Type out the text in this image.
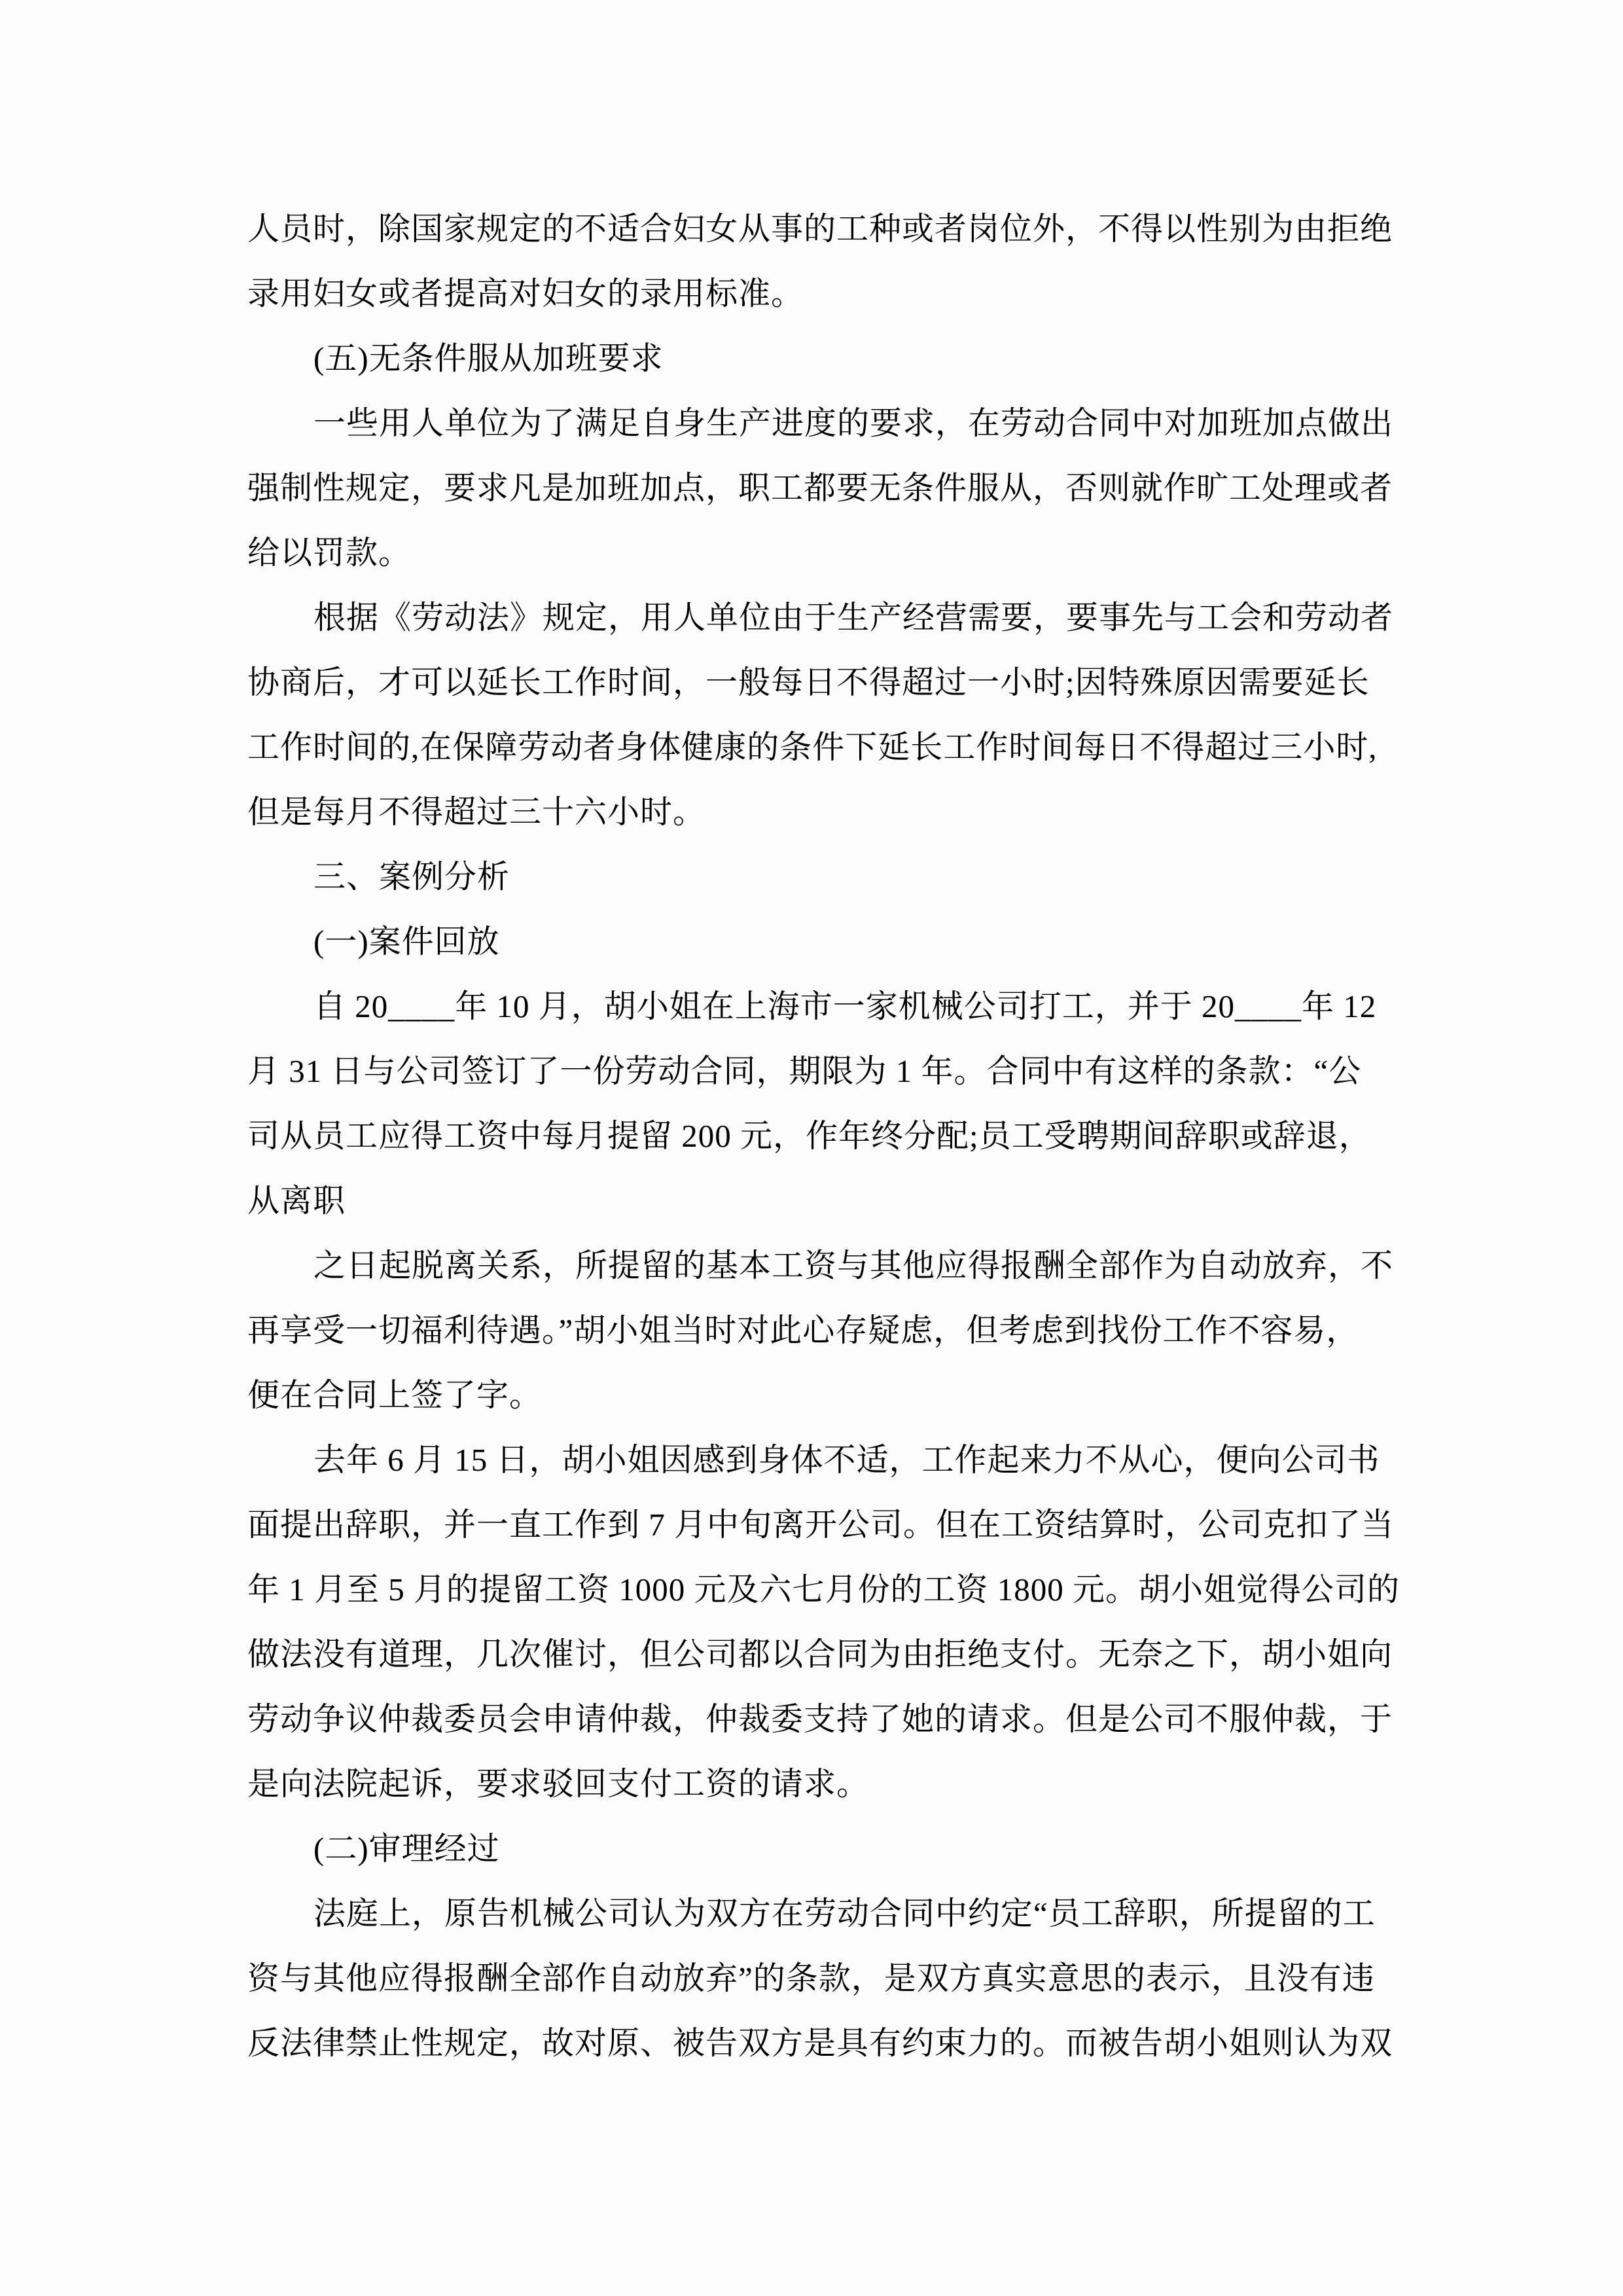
人员时，除国家规定的不适合妇女从事的工种或者岗位外，不得以性别为由拒绝
录用妇女或者提高对妇女的录用标准。
(五)无条件服从加班要求
一些用人单位为了满足自身生产进度的要求，在劳动合同中对加班加点做出
强制性规定，要求凡是加班加点，职工都要无条件服从，否则就作旷工处理或者
给以罚款。
根据《劳动法》规定，用人单位由于生产经营需要，要事先与工会和劳动者
协商后，才可以延长工作时间，一般每日不得超过一小时;因特殊原因需要延长
工作时间的,在保障劳动者身体健康的条件下延长工作时间每日不得超过三小时,
但是每月不得超过三十六小时。
三、案例分析
(一)案件回放
自 20____年 10 月，胡小姐在上海市一家机械公司打工，并于 20____年 12
月 31 日与公司签订了一份劳动合同，期限为 1 年。合同中有这样的条款：“公
司从员工应得工资中每月提留 200 元，作年终分配;员工受聘期间辞职或辞退，
从离职
之日起脱离关系，所提留的基本工资与其他应得报酬全部作为自动放弃，不
再享受一切福利待遇。”胡小姐当时对此心存疑虑，但考虑到找份工作不容易，
便在合同上签了字。
去年 6 月 15 日，胡小姐因感到身体不适，工作起来力不从心，便向公司书
面提出辞职，并一直工作到 7 月中旬离开公司。但在工资结算时，公司克扣了当
年 1 月至 5 月的提留工资 1000 元及六七月份的工资 1800 元。胡小姐觉得公司的
做法没有道理，几次催讨，但公司都以合同为由拒绝支付。无奈之下，胡小姐向
劳动争议仲裁委员会申请仲裁，仲裁委支持了她的请求。但是公司不服仲裁，于
是向法院起诉，要求驳回支付工资的请求。
(二)审理经过
法庭上，原告机械公司认为双方在劳动合同中约定“员工辞职，所提留的工
资与其他应得报酬全部作自动放弃”的条款，是双方真实意思的表示，且没有违
反法律禁止性规定，故对原、被告双方是具有约束力的。而被告胡小姐则认为双
